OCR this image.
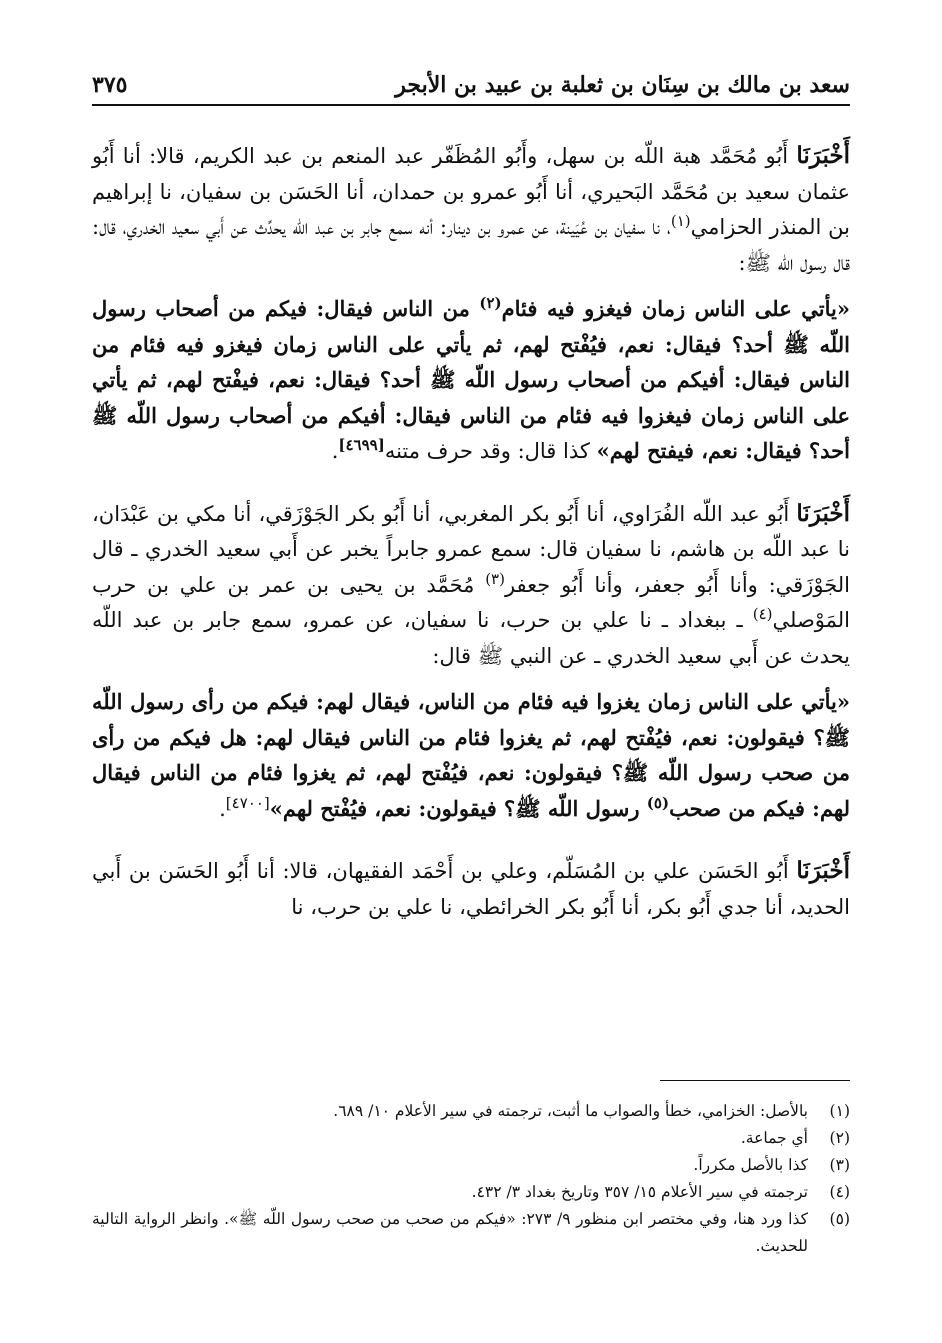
سعد بن مالك بن سِنَان بن ثعلبة بن عبيد بن الأبجر
٣٧٥

أَخْبَرَنَا أَبُو مُحَمَّد هبة اللّه بن سهل، وأَبُو المُظَفّر عبد المنعم بن عبد الكريم، قالا: أنا أَبُو عثمان سعيد بن مُحَمَّد البَحيري، أنا أَبُو عمرو بن حمدان، أنا الحَسَن بن سفيان، نا إبراهيم بن المنذر الحزامي$^{(١)}$، نا سفيان بن عُيَينة، عن عمرو بن دينار: أنه سمع جابر بن عبد اللّه يحدِّث عن أَبي سعيد الخدري، قال: قال رسول اللّه ﷺ:

«يأتي على الناس زمان فيغزو فيه فئام$^{(٢)}$ من الناس فيقال: فيكم من أصحاب رسول اللّه ﷺ أحد؟ فيقال: نعم، فيُفْتح لهم، ثم يأتي على الناس زمان فيغزو فيه فئام من الناس فيقال: أفيكم من أصحاب رسول اللّه ﷺ أحد؟ فيقال: نعم، فيفْتح لهم، ثم يأتي على الناس زمان فيغزوا فيه فئام من الناس فيقال: أفيكم من أصحاب رسول اللّه ﷺ أحد؟ فيقال: نعم، فيفتح لهم» كذا قال: وقد حرف متنه[٤٦٩٩].

أَخْبَرَنَا أَبُو عبد اللّه الفُرَاوي، أنا أَبُو بكر المغربي، أنا أَبُو بكر الجَوْزَقي، أنا مكي بن عَبْدَان، نا عبد اللّه بن هاشم، نا سفيان قال: سمع عمرو جابراً يخبر عن أَبي سعيد الخدري ـ قال الجَوْزَقي: وأنا أَبُو جعفر، وأنا أَبُو جعفر$^{(٣)}$ مُحَمَّد بن يحيى بن عمر بن علي بن حرب المَوْصلي$^{(٤)}$ ـ ببغداد ـ نا علي بن حرب، نا سفيان، عن عمرو، سمع جابر بن عبد اللّه يحدث عن أَبي سعيد الخدري ـ عن النبي ﷺ قال:

«يأتي على الناس زمان يغزوا فيه فئام من الناس، فيقال لهم: فيكم من رأى رسول اللّه ﷺ؟ فيقولون: نعم، فيُفْتح لهم، ثم يغزوا فئام من الناس فيقال لهم: هل فيكم من رأى من صحب رسول اللّه ﷺ؟ فيقولون: نعم، فيُفْتح لهم، ثم يغزوا فئام من الناس فيقال لهم: فيكم من صحب$^{(٥)}$ رسول اللّه ﷺ؟ فيقولون: نعم، فيُفْتح لهم»[٤٧٠٠].

أَخْبَرَنَا أَبُو الحَسَن علي بن المُسَلّم، وعلي بن أَحْمَد الفقيهان، قالا: أنا أَبُو الحَسَن بن أَبي الحديد، أنا جدي أَبُو بكر، أنا أَبُو بكر الخرائطي، نا علي بن حرب، نا

(١)
بالأصل: الخزامي، خطأ والصواب ما أثبت، ترجمته في سير الأعلام ١٠/ ٦٨٩.

(٢)
أي جماعة.

(٣)
كذا بالأصل مكرراً.

(٤)
ترجمته في سير الأعلام ١٥/ ٣٥٧ وتاريخ بغداد ٣/ ٤٣٢.

(٥)
كذا ورد هنا، وفي مختصر ابن منظور ٩/ ٢٧٣: «فيكم من صحب من صحب رسول اللّه ﷺ». وانظر الرواية التالية للحديث.
